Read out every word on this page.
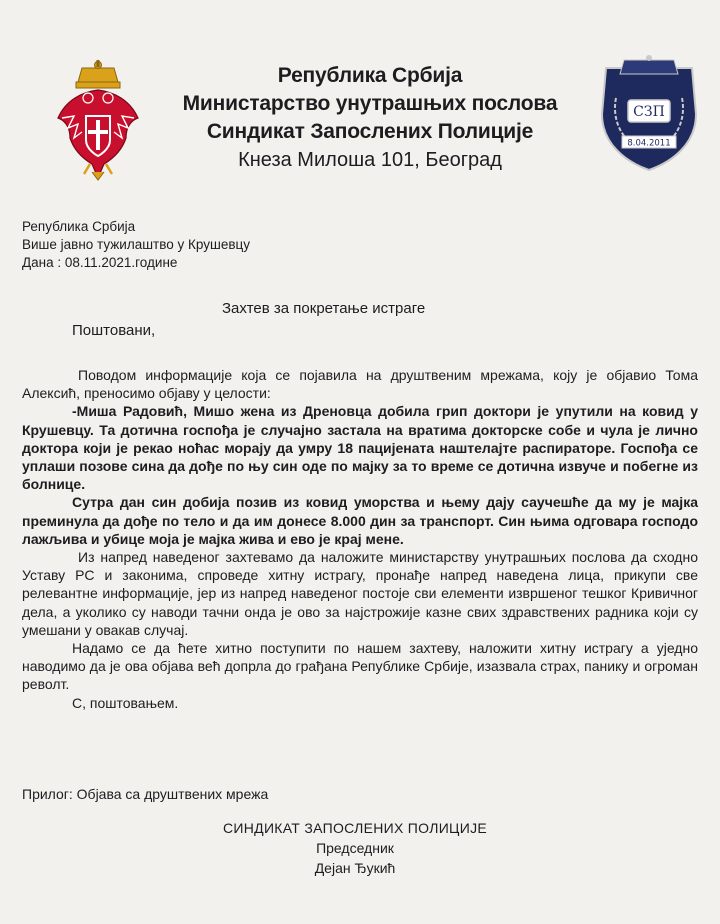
Република Србија
Министарство унутрашњих послова
Синдикат Запослених Полиције
Кнеза Милоша 101, Београд
СЗП
8.04.2011
Република Србија
Више јавно тужилаштво у Крушевцу
Дана : 08.11.2021.године
Захтев за покретање истраге
Поштовани,

Поводом информације која се појавила на друштвеним мрежама, коју је објавио Тома Алексић, преносимо објаву у целости:

-Миша Радовић, Мишо жена из Дреновца добила грип доктори је упутили на ковид у Крушевцу. Та дотична госпођа је случајно застала на вратима докторске собе и чула је лично доктора који је рекао ноћас морају да умру 18 пацијената наштелајте распираторе. Госпођа се уплаши позове сина да дође по њу син оде по мајку за то време се дотична извуче и побегне из болнице.

Сутра дан син добија позив из ковид уморства и њему дају саучешће да му је мајка преминула да дође по тело и да им донесе 8.000 дин за транспорт. Син њима одговара господо лажљива и убице моја је мајка жива и ево је крај мене.

Из напред наведеног захтевамо да наложите министарству унутрашњих послова да сходно Уставу РС и законима, спроведе хитну истрагу, пронађе напред наведена лица, прикупи све релевантне информације, јер из напред наведеног постоје сви елементи извршеног тешког Кривичног дела, а уколико су наводи тачни онда је ово за најстрожије казне свих здравствених радника који су умешани у овакав случај.

Надамо се да ћете хитно поступити по нашем захтеву, наложити хитну истрагу а уједно наводимо да је ова објава већ допрла до грађана Републике Србије, изазвала страх, панику и огроман револт.

С, поштовањем.

Прилог: Објава са друштвених мрежа
СИНДИКАТ ЗАПОСЛЕНИХ ПОЛИЦИЈЕ
Председник
Дејан Ђукић
